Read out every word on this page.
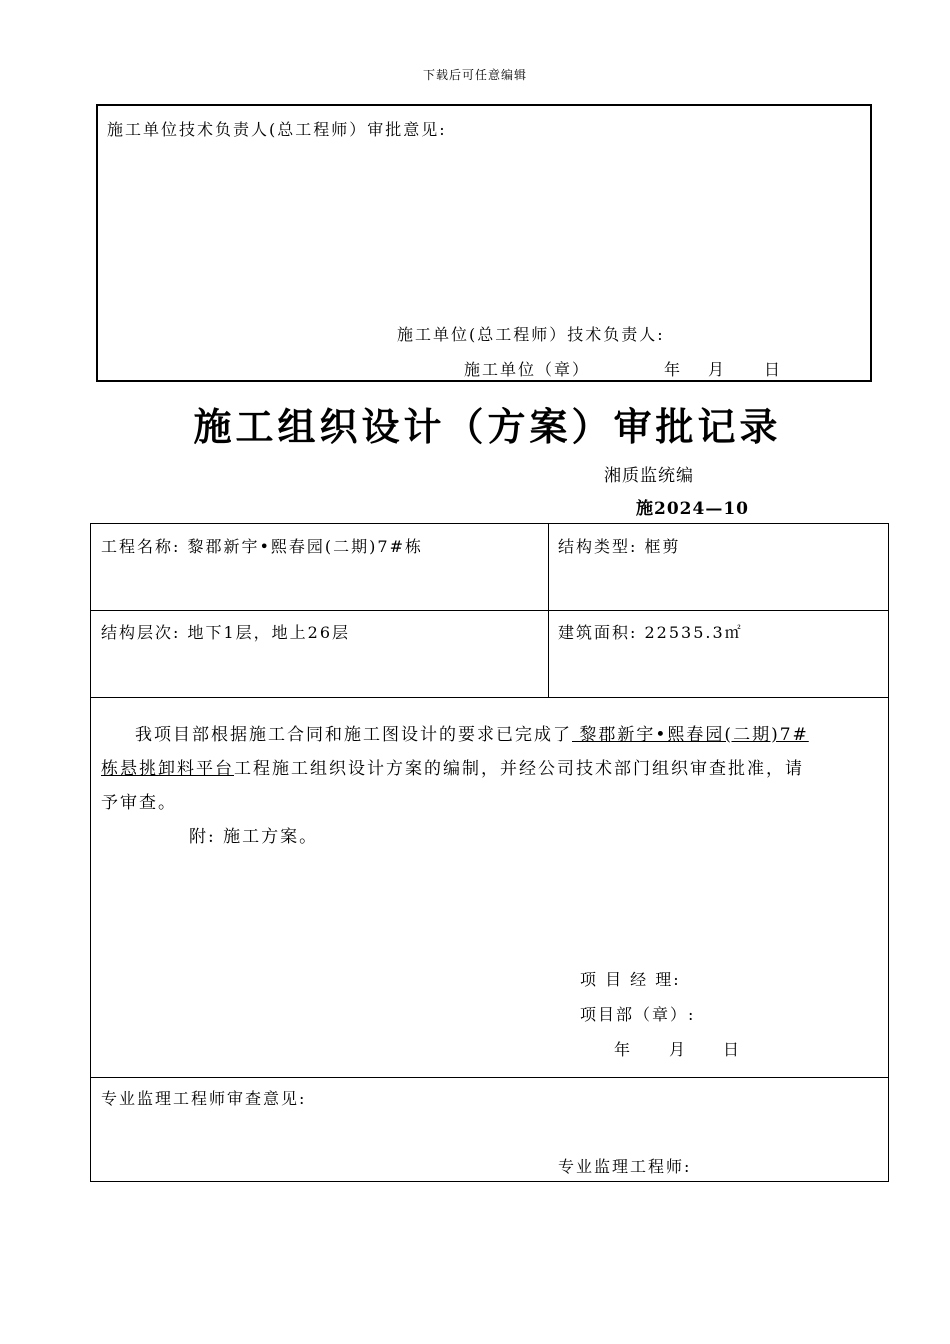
下载后可任意编辑
施工单位技术负责人(总工程师）审批意见:
施工单位(总工程师）技术负责人:
施工单位（章）	年 月 日
施工组织设计（方案）审批记录
湘质监统编
施2024—10
工程名称: 黎郡新宇•熙春园(二期)7#栋	结构类型: 框剪
结构层次: 地下1层，地上26层	建筑面积: 22535.3㎡
我项目部根据施工合同和施工图设计的要求已完成了 黎郡新宇•熙春园(二期)7#
栋悬挑卸料平台工程施工组织设计方案的编制，并经公司技术部门组织审查批准，请
予审查。
附: 施工方案。
项 目 经 理:
项目部（章）:
年 月 日
专业监理工程师审查意见:
专业监理工程师:
